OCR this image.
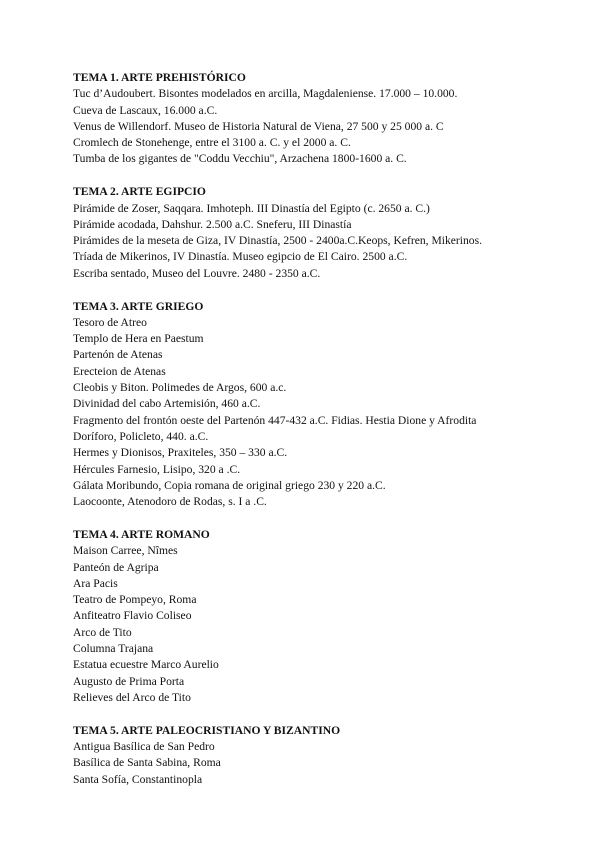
TEMA 1. ARTE PREHISTÓRICO
Tuc d’Audoubert. Bisontes modelados en arcilla, Magdaleniense. 17.000 – 10.000.
Cueva de Lascaux, 16.000 a.C.
Venus de Willendorf. Museo de Historia Natural de Viena, 27 500 y 25 000 a. C
Cromlech de Stonehenge, entre el 3100 a. C. y el 2000 a. C.
Tumba de los gigantes de "Coddu Vecchiu", Arzachena 1800-1600 a. C.
TEMA 2. ARTE EGIPCIO
Pirámide de Zoser, Saqqara. Imhoteph. III Dinastía del Egipto (c. 2650 a. C.)
Pirámide acodada, Dahshur. 2.500 a.C. Sneferu, III Dinastía
Pirámides de la meseta de Giza, IV Dinastía, 2500 - 2400a.C.Keops, Kefren, Mikerinos.
Tríada de Mikerinos, IV Dinastía. Museo egipcio de El Cairo. 2500 a.C.
Escriba sentado, Museo del Louvre. 2480 - 2350 a.C.
TEMA 3. ARTE GRIEGO
Tesoro de Atreo
Templo de Hera en Paestum
Partenón de Atenas
Erecteion de Atenas
Cleobis y Biton. Polimedes de Argos, 600 a.c.
Divinidad del cabo Artemisión, 460 a.C.
Fragmento del frontón oeste del Partenón 447-432 a.C. Fidias. Hestia Dione y Afrodita
Doríforo, Policleto, 440. a.C.
Hermes y Dionisos, Praxiteles, 350 – 330 a.C.
Hércules Farnesio, Lisipo, 320 a .C.
Gálata Moribundo, Copia romana de original griego 230 y 220 a.C.
Laocoonte, Atenodoro de Rodas, s. I a .C.
TEMA 4. ARTE ROMANO
Maison Carree, Nîmes
Panteón de Agripa
Ara Pacis
Teatro de Pompeyo, Roma
Anfiteatro Flavio Coliseo
Arco de Tito
Columna Trajana
Estatua ecuestre Marco Aurelio
Augusto de Prima Porta
Relieves del Arco de Tito
TEMA 5. ARTE PALEOCRISTIANO Y BIZANTINO
Antigua Basílica de San Pedro
Basílica de Santa Sabina, Roma
Santa Sofía, Constantinopla
